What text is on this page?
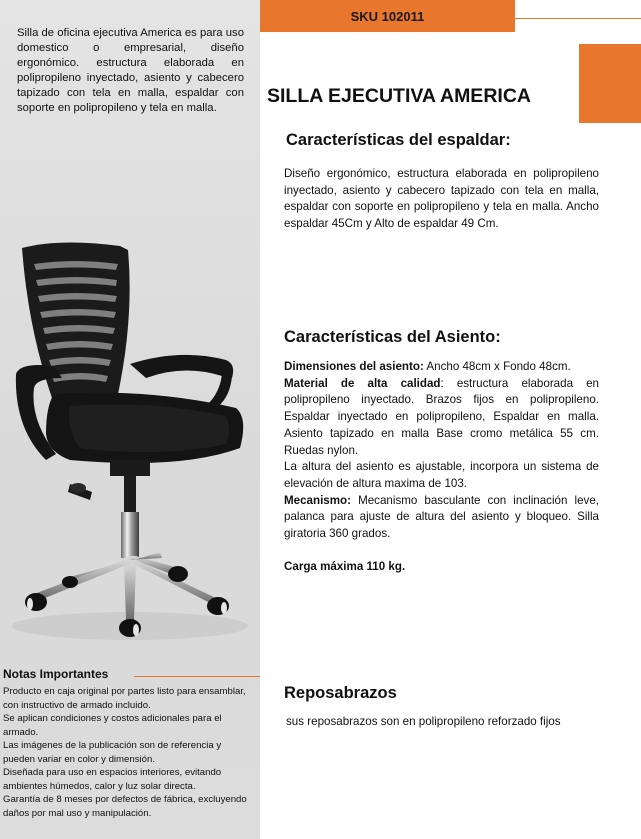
Silla de oficina ejecutiva America es para uso domestico o empresarial, diseño ergonómico. estructura elaborada en polipropileno inyectado, asiento y cabecero tapizado con tela en malla, espaldar con soporte en polipropileno y tela en malla.
Notas Importantes

Producto en caja original por partes listo para ensamblar, con instructivo de armado incluido.

Se aplican condiciones y costos adicionales para el armado.

Las imágenes de la publicación son de referencia y pueden variar en color y dimensión.

Diseñada para uso en espacios interiores, evitando ambientes húmedos, calor y luz solar directa.

Garantía de 8 meses por defectos de fábrica, excluyendo daños por mal uso y manipulación.

SKU 102011
SILLA EJECUTIVA AMERICA
Características del espaldar:

Diseño ergonómico, estructura elaborada en polipropileno inyectado, asiento y cabecero tapizado con tela en malla, espaldar con soporte en polipropileno y tela en malla. Ancho espaldar 45Cm y Alto de espaldar 49 Cm.

Características del Asiento:

Dimensiones del asiento: Ancho 48cm x Fondo 48cm.

Material de alta calidad: estructura elaborada en polipropileno inyectado. Brazos fijos en polipropileno. Espaldar inyectado en polipropileno, Espaldar en malla. Asiento tapizado en malla Base cromo metálica 55 cm. Ruedas nylon.

La altura del asiento es ajustable, incorpora un sistema de elevación de altura maxima de 103.

Mecanismo: Mecanismo basculante con inclinación leve, palanca para ajuste de altura del asiento y bloqueo. Silla giratoria 360 grados.

Carga máxima 110 kg.

Reposabrazos

sus reposabrazos son en polipropileno reforzado fijos
